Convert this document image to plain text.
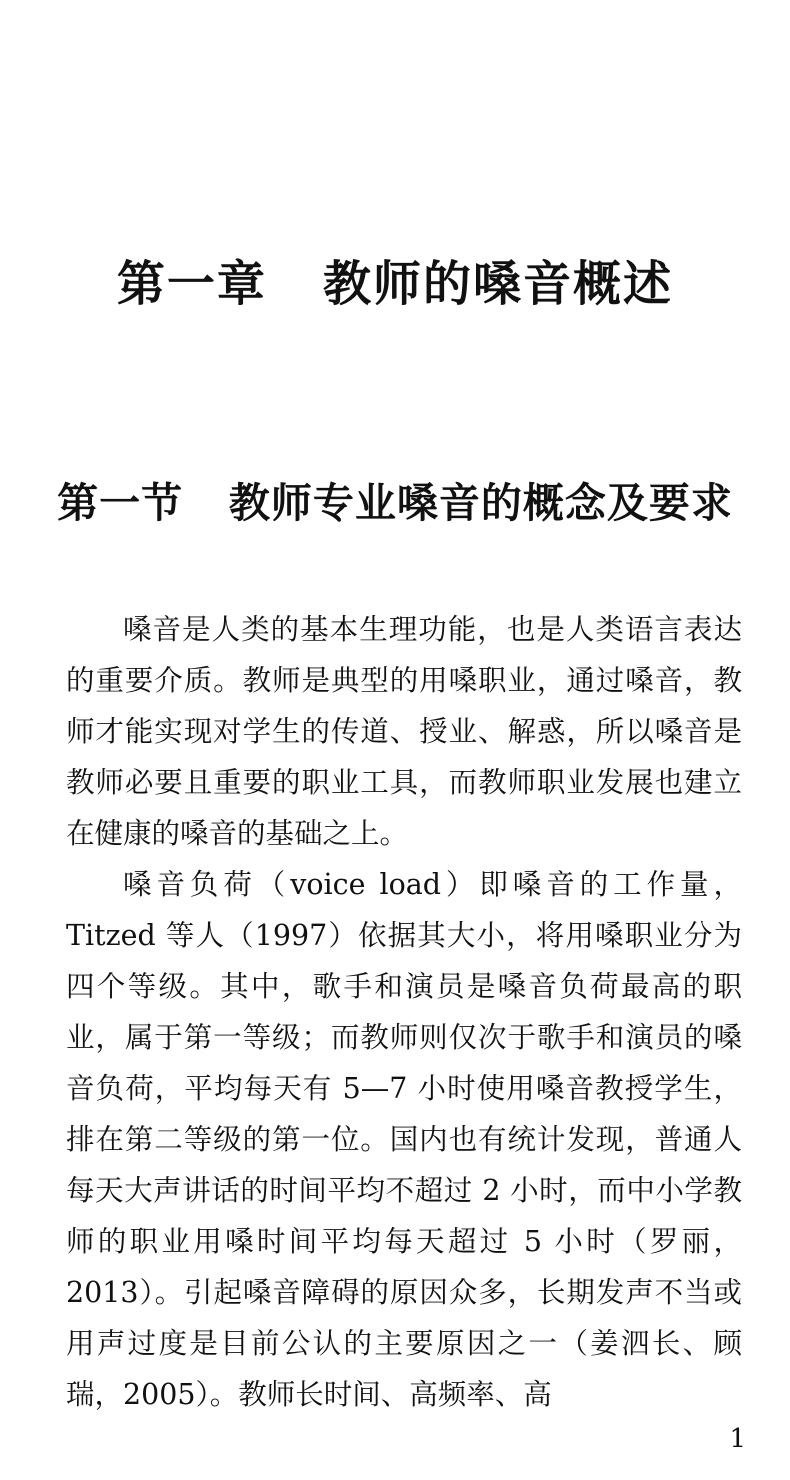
第一章   教师的嗓音概述
第一节   教师专业嗓音的概念及要求

嗓音是人类的基本生理功能，也是人类语言表达的重要介质。教师是典型的用嗓职业，通过嗓音，教师才能实现对学生的传道、授业、解惑，所以嗓音是教师必要且重要的职业工具，而教师职业发展也建立在健康的嗓音的基础之上。

嗓音负荷（voice load）即嗓音的工作量，Titzed 等人（1997）依据其大小，将用嗓职业分为四个等级。其中，歌手和演员是嗓音负荷最高的职业，属于第一等级；而教师则仅次于歌手和演员的嗓音负荷，平均每天有 5—7 小时使用嗓音教授学生，排在第二等级的第一位。国内也有统计发现，普通人每天大声讲话的时间平均不超过 2 小时，而中小学教师的职业用嗓时间平均每天超过 5 小时（罗丽，2013）。引起嗓音障碍的原因众多，长期发声不当或用声过度是目前公认的主要原因之一（姜泗长、顾瑞，2005）。教师长时间、高频率、高

1
